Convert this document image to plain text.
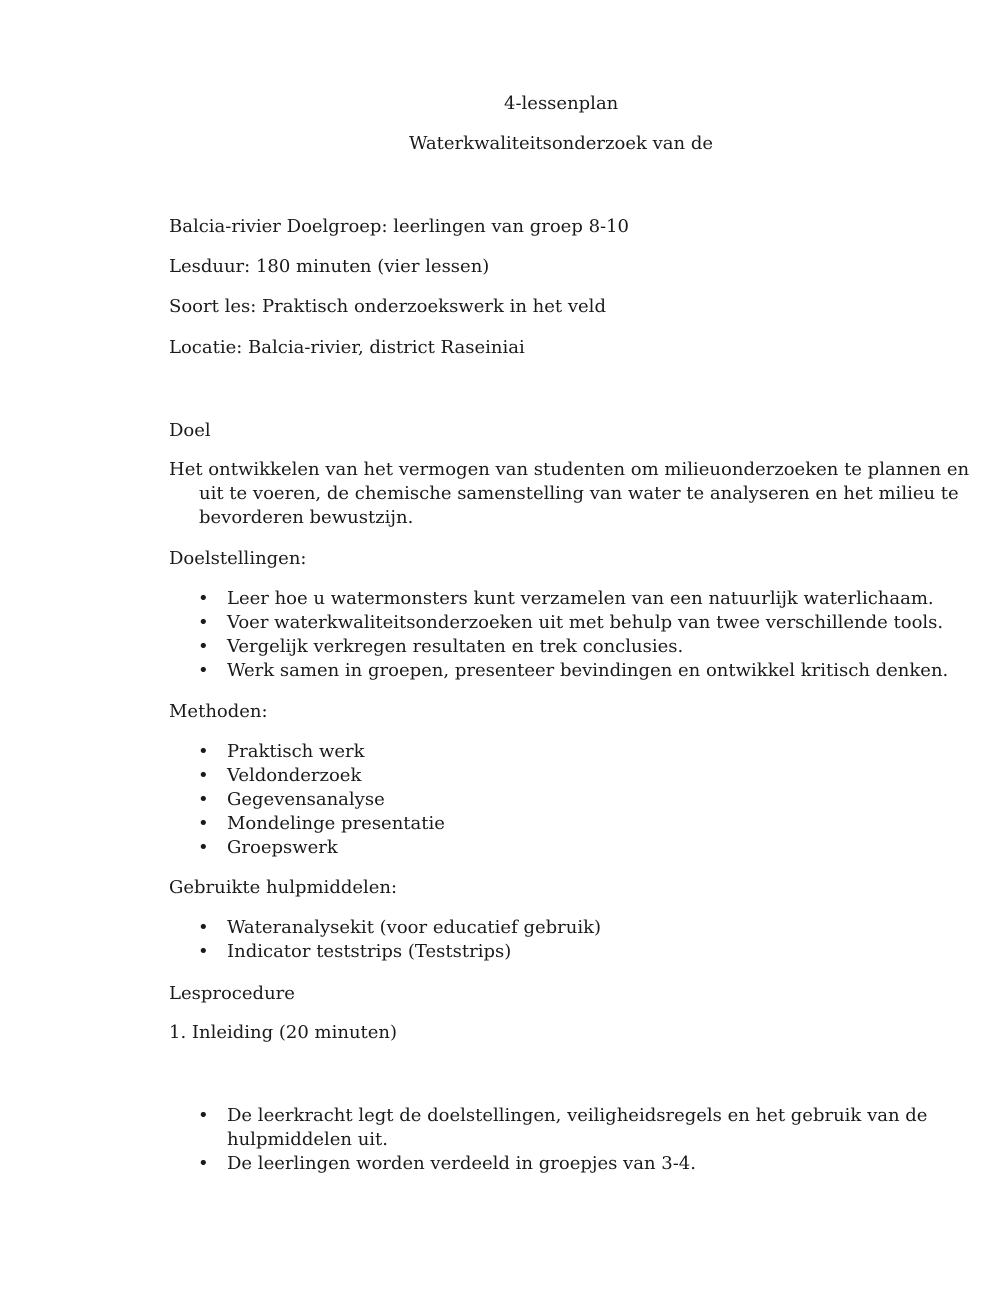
4-lessenplan
Waterkwaliteitsonderzoek van de
Balcia-rivier Doelgroep: leerlingen van groep 8-10
Lesduur: 180 minuten (vier lessen)
Soort les: Praktisch onderzoekswerk in het veld
Locatie: Balcia-rivier, district Raseiniai
Doel
Het ontwikkelen van het vermogen van studenten om milieuonderzoeken te plannen en uit te voeren, de chemische samenstelling van water te analyseren en het milieu te bevorderen bewustzijn.
Doelstellingen:
• Leer hoe u watermonsters kunt verzamelen van een natuurlijk waterlichaam.
• Voer waterkwaliteitsonderzoeken uit met behulp van twee verschillende tools.
• Vergelijk verkregen resultaten en trek conclusies.
• Werk samen in groepen, presenteer bevindingen en ontwikkel kritisch denken.
Methoden:
• Praktisch werk
• Veldonderzoek
• Gegevensanalyse
• Mondelinge presentatie
• Groepswerk
Gebruikte hulpmiddelen:
• Wateranalysekit (voor educatief gebruik)
• Indicator teststrips (Teststrips)
Lesprocedure
1. Inleiding (20 minuten)
• De leerkracht legt de doelstellingen, veiligheidsregels en het gebruik van de hulpmiddelen uit.
• De leerlingen worden verdeeld in groepjes van 3-4.
